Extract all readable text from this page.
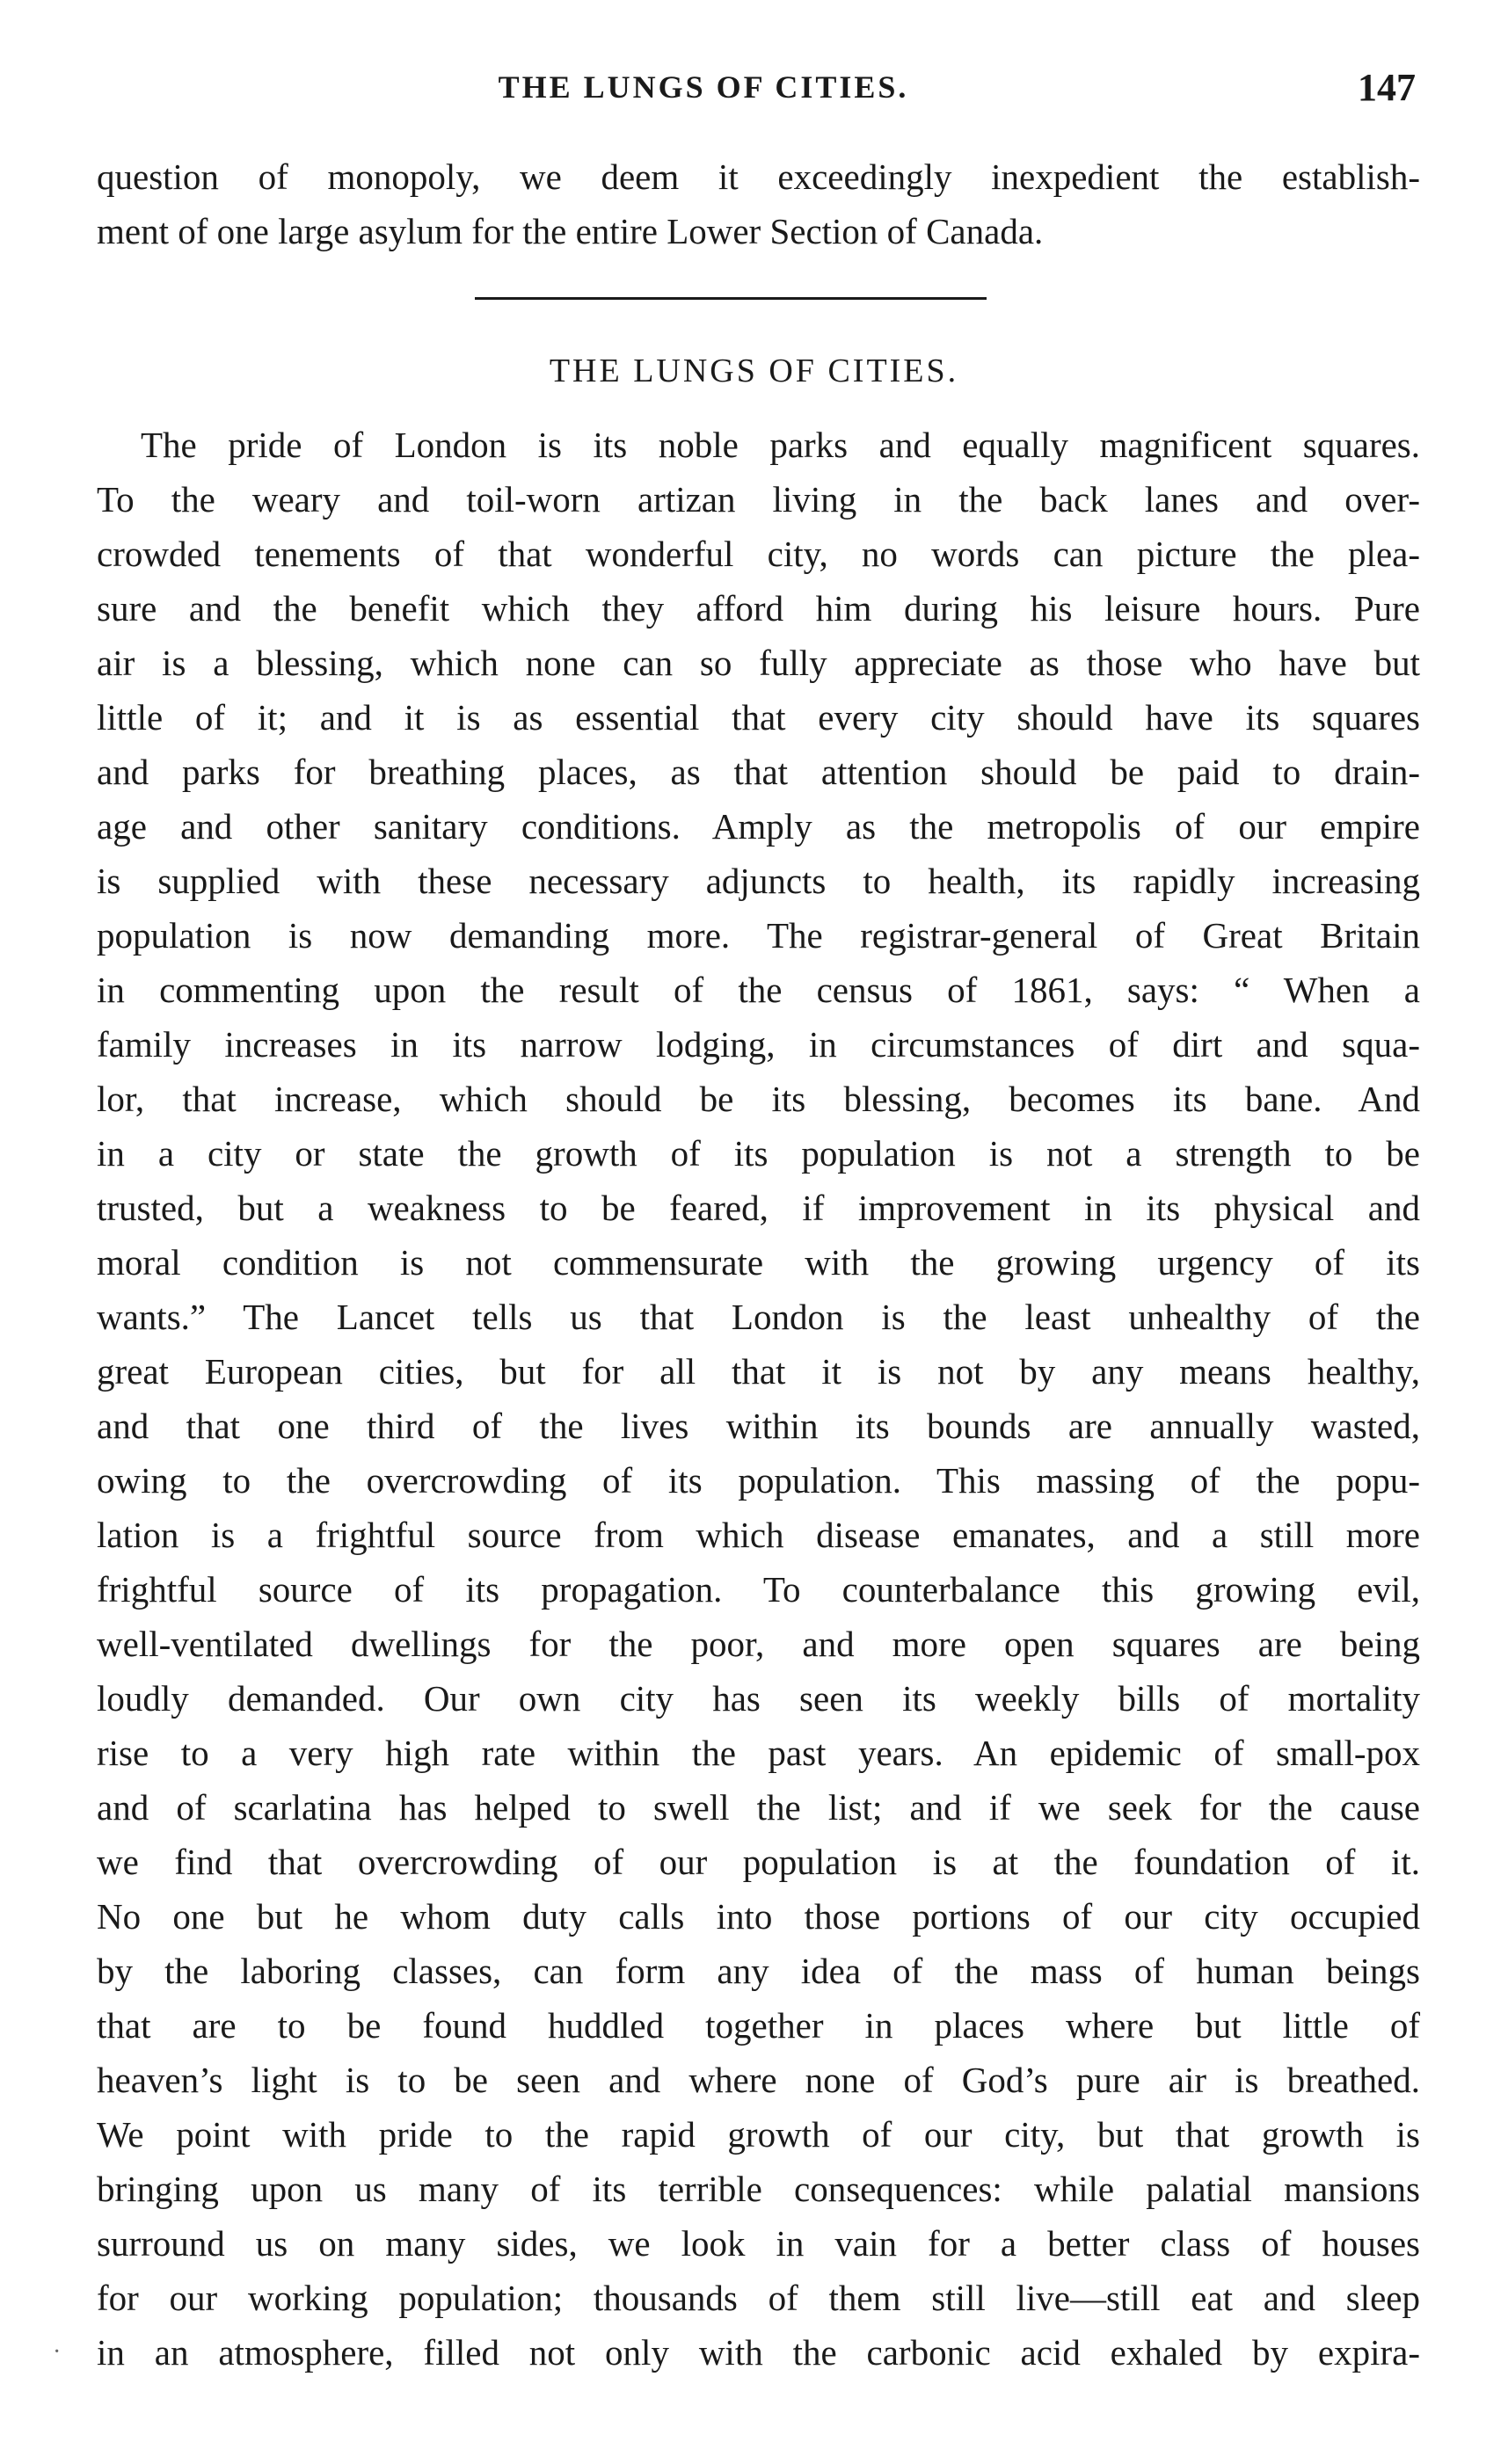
THE LUNGS OF CITIES.	147
question of monopoly, we deem it exceedingly inexpedient the establish-
ment of one large asylum for the entire Lower Section of Canada.
THE LUNGS OF CITIES.
The pride of London is its noble parks and equally magnificent squares.
To the weary and toil-worn artizan living in the back lanes and over-
crowded tenements of that wonderful city, no words can picture the plea-
sure and the benefit which they afford him during his leisure hours. Pure
air is a blessing, which none can so fully appreciate as those who have but
little of it; and it is as essential that every city should have its squares
and parks for breathing places, as that attention should be paid to drain-
age and other sanitary conditions. Amply as the metropolis of our empire
is supplied with these necessary adjuncts to health, its rapidly increasing
population is now demanding more. The registrar-general of Great Britain
in commenting upon the result of the census of 1861, says: “ When a
family increases in its narrow lodging, in circumstances of dirt and squa-
lor, that increase, which should be its blessing, becomes its bane. And
in a city or state the growth of its population is not a strength to be
trusted, but a weakness to be feared, if improvement in its physical and
moral condition is not commensurate with the growing urgency of its
wants.” The Lancet tells us that London is the least unhealthy of the
great European cities, but for all that it is not by any means healthy,
and that one third of the lives within its bounds are annually wasted,
owing to the overcrowding of its population. This massing of the popu-
lation is a frightful source from which disease emanates, and a still more
frightful source of its propagation. To counterbalance this growing evil,
well-ventilated dwellings for the poor, and more open squares are being
loudly demanded. Our own city has seen its weekly bills of mortality
rise to a very high rate within the past years. An epidemic of small-pox
and of scarlatina has helped to swell the list; and if we seek for the cause
we find that overcrowding of our population is at the foundation of it.
No one but he whom duty calls into those portions of our city occupied
by the laboring classes, can form any idea of the mass of human beings
that are to be found huddled together in places where but little of
heaven’s light is to be seen and where none of God’s pure air is breathed.
We point with pride to the rapid growth of our city, but that growth is
bringing upon us many of its terrible consequences: while palatial mansions
surround us on many sides, we look in vain for a better class of houses
for our working population; thousands of them still live—still eat and sleep
in an atmosphere, filled not only with the carbonic acid exhaled by expira-
·
